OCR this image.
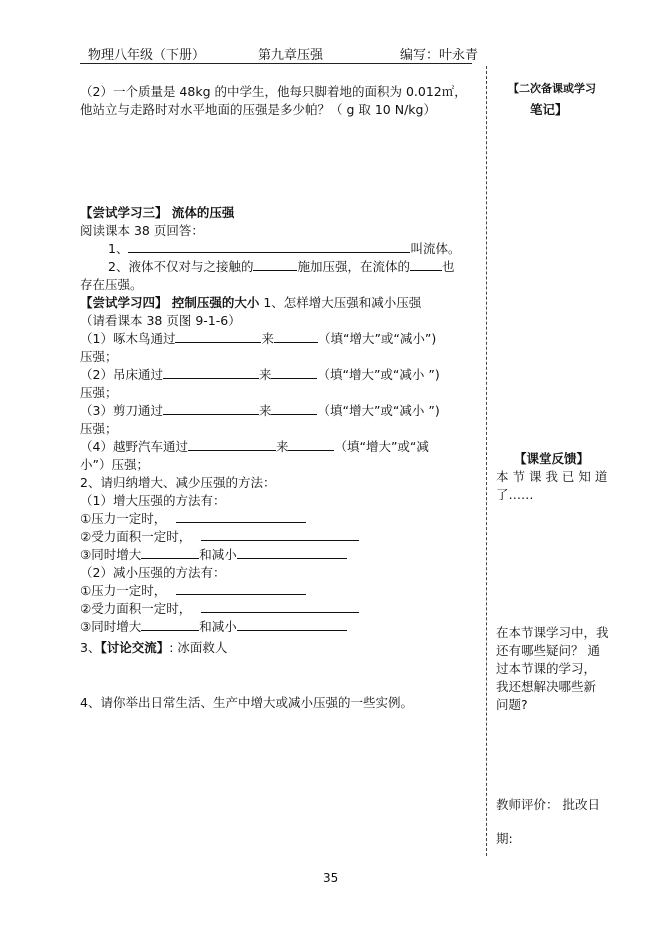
物理八年级（下册）	第九章压强	编写：叶永青
（2）一个质量是 48kg 的中学生，他每只脚着地的面积为 0.012㎡，
他站立与走路时对水平地面的压强是多少帕？（ g 取 10 N/kg）
【尝试学习三】 流体的压强
阅读课本 38 页回答：
1、	叫流体。
2、液体不仅对与之接触的	施加压强，在流体的	也
存在压强。
【尝试学习四】 控制压强的大小 1、怎样增大压强和减小压强
（请看课本 38 页图 9-1-6）
（1）啄木鸟通过	来	（填“增大”或“减小”)
压强；
（2）吊床通过	来	（填“增大”或“减小 ”)
压强；
（3）剪刀通过	来	（填“增大”或“减小 ”)
压强；
（4）越野汽车通过	来	（填“增大”或“减
小”）压强；
2、请归纳增大、减少压强的方法：
（1）增大压强的方法有：
①压力一定时，
②受力面积一定时，
③同时增大	和减小
（2）减小压强的方法有：
①压力一定时，
②受力面积一定时，
③同时增大	和减小
3、【讨论交流】: 冰面救人
4、请你举出日常生活、生产中增大或减小压强的一些实例。
【二次备课或学习
笔记】
【课堂反馈】
本 节 课 我 已 知 道
了……
在本节课学习中，我
还有哪些疑问？ 通
过本节课的学习，
我还想解决哪些新
问题?
教师评价： 批改日
期:
35
